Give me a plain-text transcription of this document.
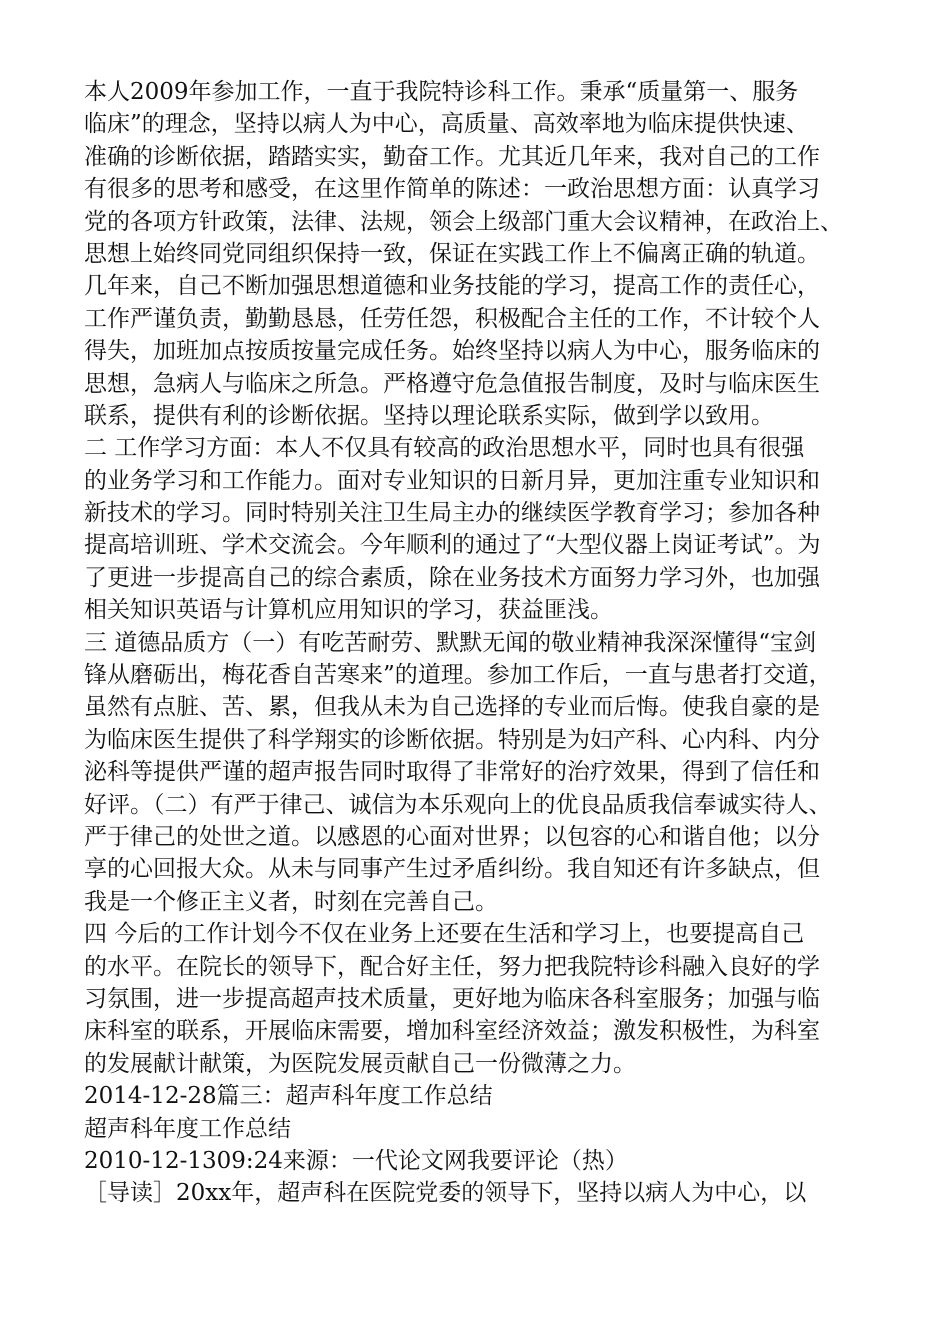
本人2009年参加工作，一直于我院特诊科工作。秉承“质量第一、服务
临床”的理念，坚持以病人为中心，高质量、高效率地为临床提供快速、
准确的诊断依据，踏踏实实，勤奋工作。尤其近几年来，我对自己的工作
有很多的思考和感受，在这里作简单的陈述：一政治思想方面：认真学习
党的各项方针政策，法律、法规，领会上级部门重大会议精神，在政治上、
思想上始终同党同组织保持一致，保证在实践工作上不偏离正确的轨道。
几年来，自己不断加强思想道德和业务技能的学习，提高工作的责任心，
工作严谨负责，勤勤恳恳，任劳任怨，积极配合主任的工作，不计较个人
得失，加班加点按质按量完成任务。始终坚持以病人为中心，服务临床的
思想，急病人与临床之所急。严格遵守危急值报告制度，及时与临床医生
联系，提供有利的诊断依据。坚持以理论联系实际，做到学以致用。
二 工作学习方面：本人不仅具有较高的政治思想水平，同时也具有很强
的业务学习和工作能力。面对专业知识的日新月异，更加注重专业知识和
新技术的学习。同时特别关注卫生局主办的继续医学教育学习；参加各种
提高培训班、学术交流会。今年顺利的通过了“大型仪器上岗证考试”。为
了更进一步提高自己的综合素质，除在业务技术方面努力学习外，也加强
相关知识英语与计算机应用知识的学习，获益匪浅。
三 道德品质方（一）有吃苦耐劳、默默无闻的敬业精神我深深懂得“宝剑
锋从磨砺出，梅花香自苦寒来”的道理。参加工作后，一直与患者打交道，
虽然有点脏、苦、累，但我从未为自己选择的专业而后悔。使我自豪的是
为临床医生提供了科学翔实的诊断依据。特别是为妇产科、心内科、内分
泌科等提供严谨的超声报告同时取得了非常好的治疗效果，得到了信任和
好评。（二）有严于律己、诚信为本乐观向上的优良品质我信奉诚实待人、
严于律己的处世之道。以感恩的心面对世界；以包容的心和谐自他；以分
享的心回报大众。从未与同事产生过矛盾纠纷。我自知还有许多缺点，但
我是一个修正主义者，时刻在完善自己。
四 今后的工作计划今不仅在业务上还要在生活和学习上，也要提高自己
的水平。在院长的领导下，配合好主任，努力把我院特诊科融入良好的学
习氛围，进一步提高超声技术质量，更好地为临床各科室服务；加强与临
床科室的联系，开展临床需要，增加科室经济效益；激发积极性，为科室
的发展献计献策，为医院发展贡献自己一份微薄之力。
2014-12-28篇三：超声科年度工作总结
超声科年度工作总结
2010-12-1309:24来源：一代论文网我要评论（热）
［导读］20xx年，超声科在医院党委的领导下，坚持以病人为中心，以
